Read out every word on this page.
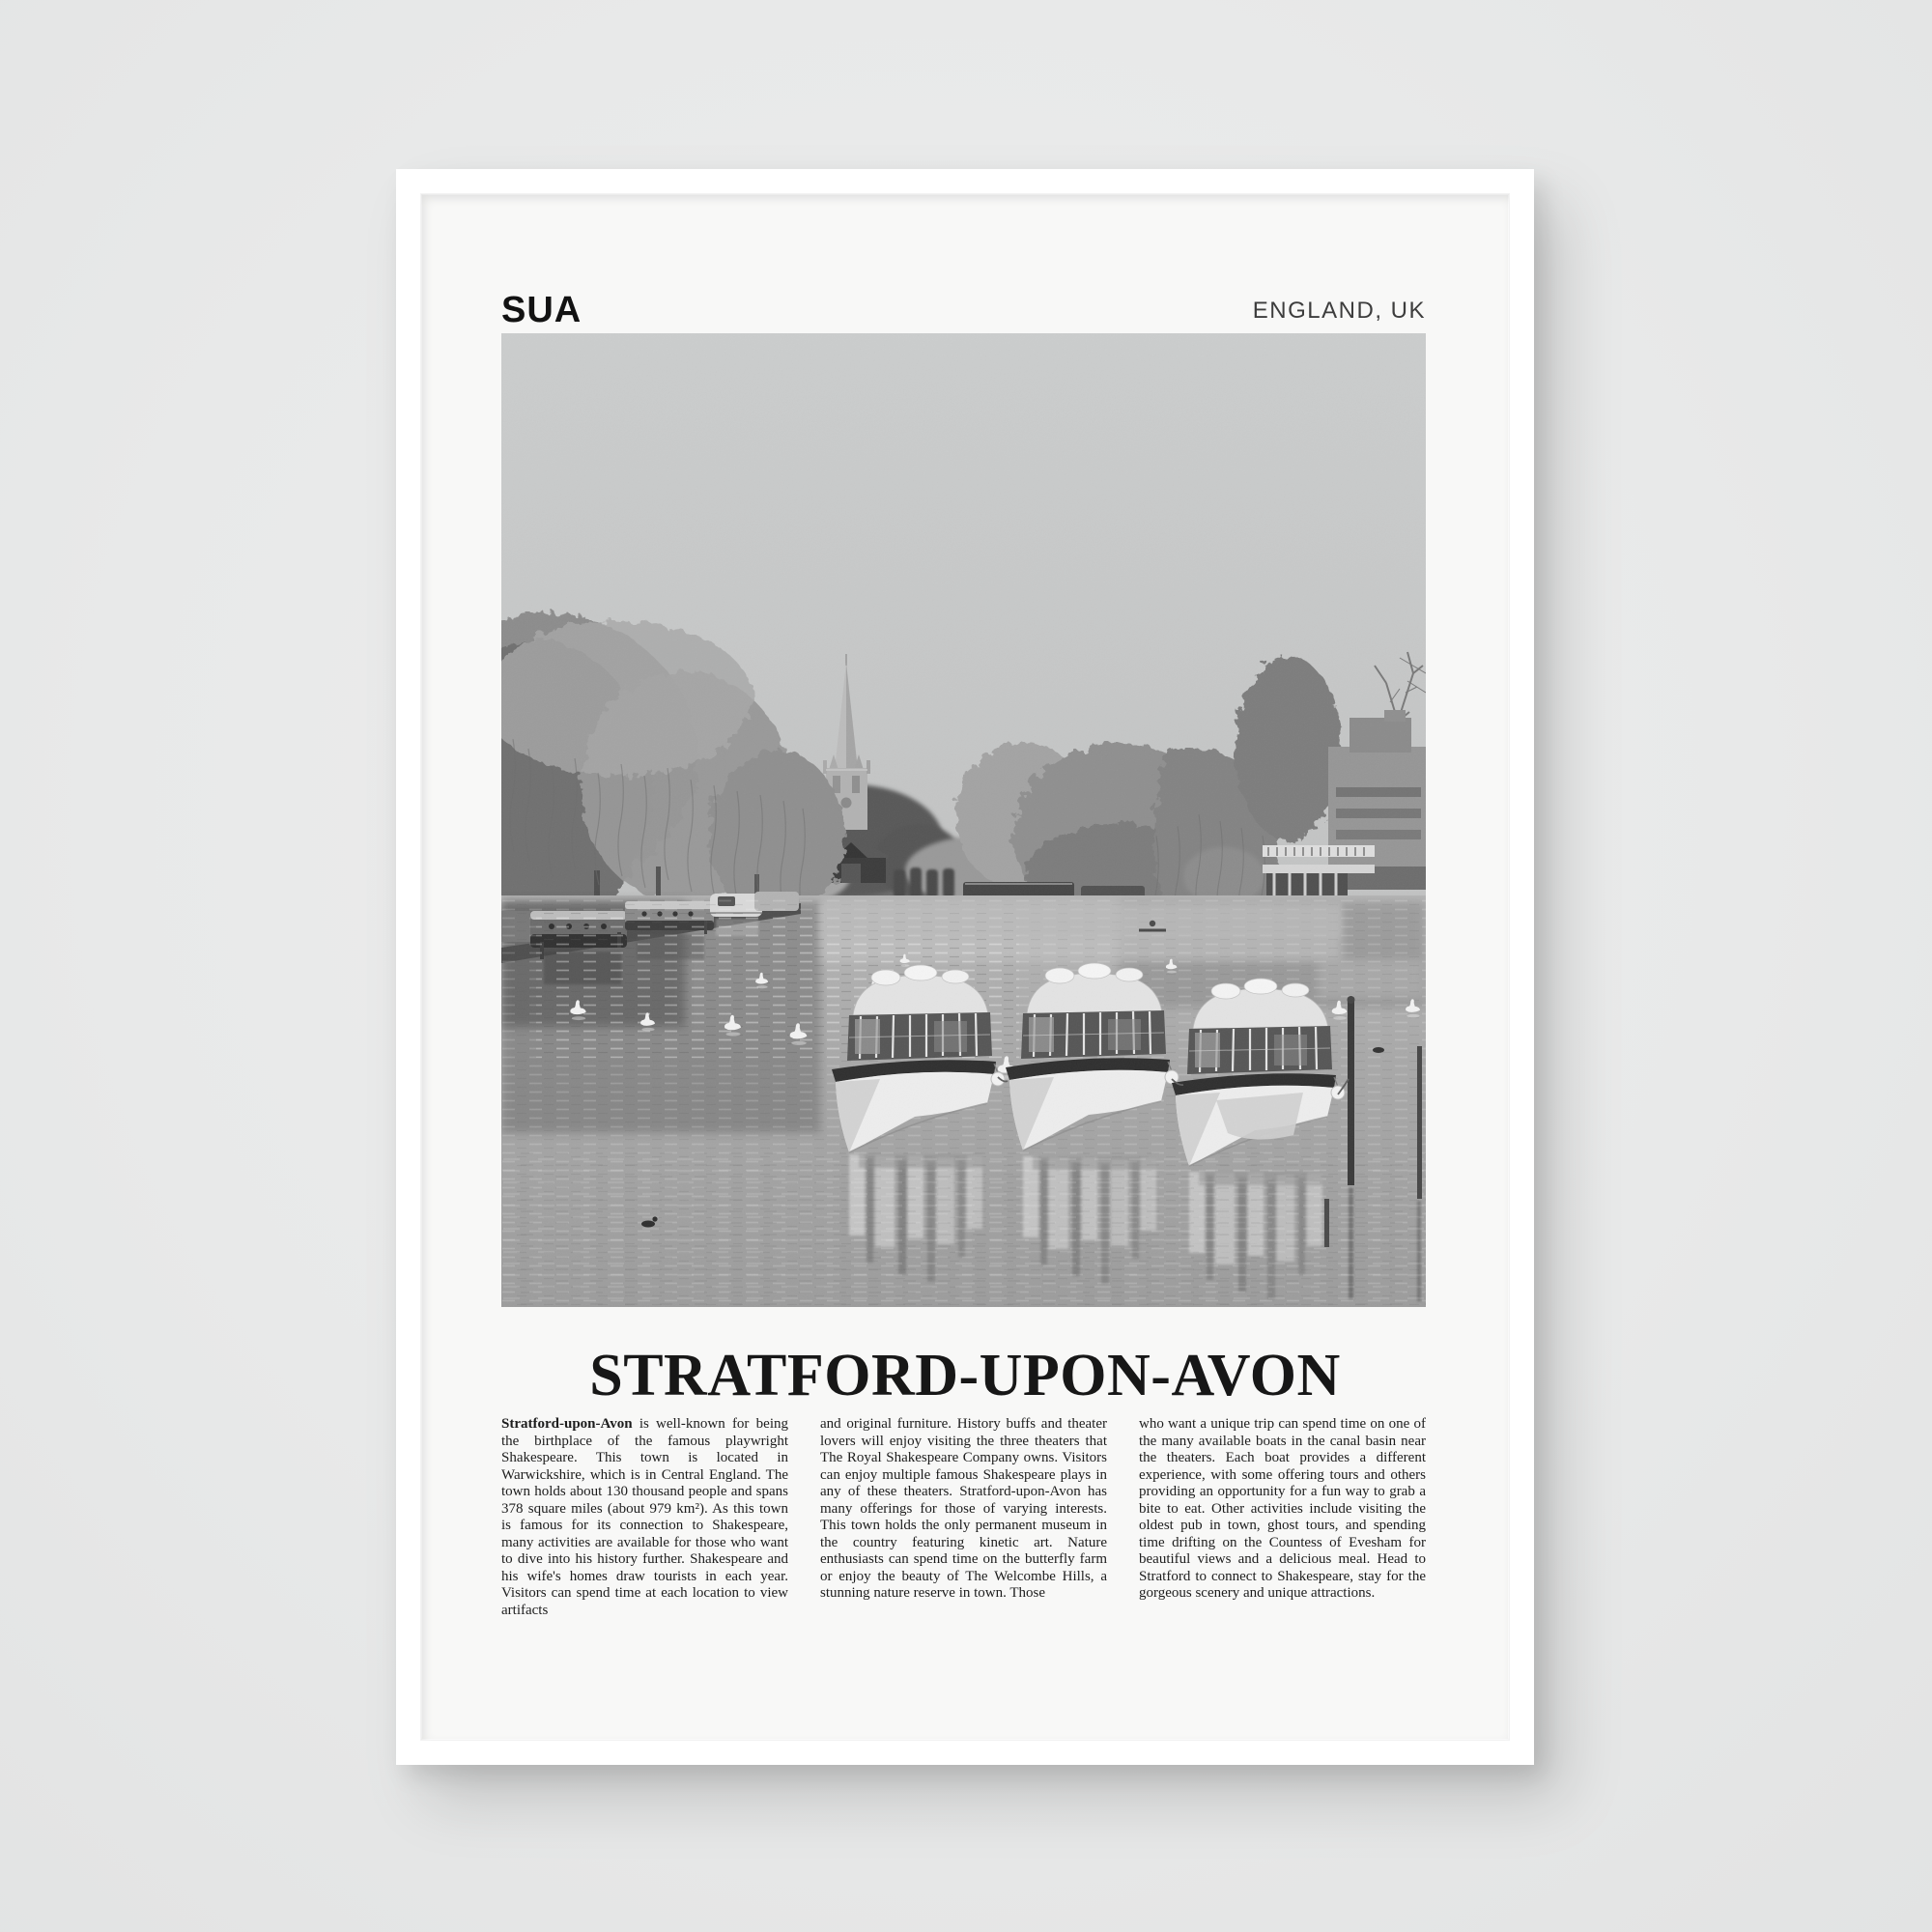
SUA	ENGLAND, UK
STRATFORD-UPON-AVON

Stratford-upon-Avon is well-known for being the birthplace of the famous playwright Shakespeare. This town is located in Warwickshire, which is in Central England. The town holds about 130 thousand people and spans 378 square miles (about 979 km²). As this town is famous for its connection to Shakespeare, many activities are available for those who want to dive into his history further. Shakespeare and his wife's homes draw tourists in each year. Visitors can spend time at each location to view artifacts

and original furniture. History buffs and theater lovers will enjoy visiting the three theaters that The Royal Shakespeare Company owns. Visitors can enjoy multiple famous Shakespeare plays in any of these theaters. Stratford-upon-Avon has many offerings for those of varying interests. This town holds the only permanent museum in the country featuring kinetic art. Nature enthusiasts can spend time on the butterfly farm or enjoy the beauty of The Welcombe Hills, a stunning nature reserve in town. Those

who want a unique trip can spend time on one of the many available boats in the canal basin near the theaters. Each boat provides a different experience, with some offering tours and others providing an opportunity for a fun way to grab a bite to eat. Other activities include visiting the oldest pub in town, ghost tours, and spending time drifting on the Countess of Evesham for beautiful views and a delicious meal. Head to Stratford to connect to Shakespeare, stay for the gorgeous scenery and unique attractions.
